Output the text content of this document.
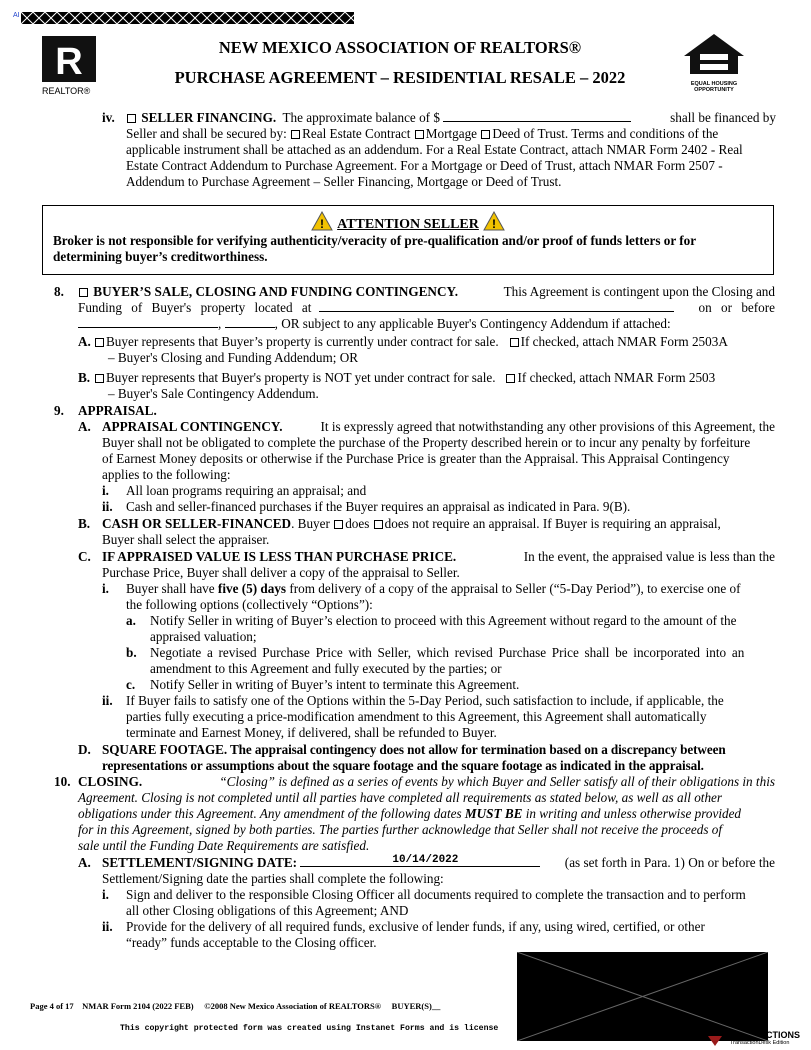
AI
R
REALTOR®
NEW MEXICO ASSOCIATION OF REALTORS®
PURCHASE AGREEMENT – RESIDENTIAL RESALE – 2022	EQUAL HOUSING OPPORTUNITY
iv.	SELLER FINANCING. The approximate balance of $	shall be financed by
Seller and shall be secured by: Real Estate Contract Mortgage Deed of Trust. Terms and conditions of the
applicable instrument shall be attached as an addendum. For a Real Estate Contract, attach NMAR Form 2402 - Real
Estate Contract Addendum to Purchase Agreement. For a Mortgage or Deed of Trust, attach NMAR Form 2507 -
Addendum to Purchase Agreement – Seller Financing, Mortgage or Deed of Trust.
! ATTENTION SELLER !
Broker is not responsible for verifying authenticity/veracity of pre-qualification and/or proof of funds letters or for
determining buyer’s creditworthiness.
8.	BUYER’S SALE, CLOSING AND FUNDING CONTINGENCY.	This Agreement is contingent upon the Closing and
Funding of Buyer's property located at	on or before
,	, OR subject to any applicable Buyer's Contingency Addendum if attached:
A.	Buyer represents that Buyer’s property is currently under contract for sale. If checked, attach NMAR Form 2503A
– Buyer's Closing and Funding Addendum; OR
B.	Buyer represents that Buyer's property is NOT yet under contract for sale. If checked, attach NMAR Form 2503
– Buyer's Sale Contingency Addendum.
9. APPRAISAL.
A. APPRAISAL CONTINGENCY.	It is expressly agreed that notwithstanding any other provisions of this Agreement, the
Buyer shall not be obligated to complete the purchase of the Property described herein or to incur any penalty by forfeiture
of Earnest Money deposits or otherwise if the Purchase Price is greater than the Appraisal. This Appraisal Contingency
applies to the following:
i. All loan programs requiring an appraisal; and
ii. Cash and seller-financed purchases if the Buyer requires an appraisal as indicated in Para. 9(B).
B. CASH OR SELLER-FINANCED. Buyer does does not require an appraisal. If Buyer is requiring an appraisal,
Buyer shall select the appraiser.
C. IF APPRAISED VALUE IS LESS THAN PURCHASE PRICE.	In the event, the appraised value is less than the
Purchase Price, Buyer shall deliver a copy of the appraisal to Seller.
i. Buyer shall have five (5) days from delivery of a copy of the appraisal to Seller (“5-Day Period”), to exercise one of
the following options (collectively “Options”):
a. Notify Seller in writing of Buyer’s election to proceed with this Agreement without regard to the amount of the
appraised valuation;
b. Negotiate a revised Purchase Price with Seller, which revised Purchase Price shall be incorporated into an
amendment to this Agreement and fully executed by the parties; or
c. Notify Seller in writing of Buyer’s intent to terminate this Agreement.
ii. If Buyer fails to satisfy one of the Options within the 5-Day Period, such satisfaction to include, if applicable, the
parties fully executing a price-modification amendment to this Agreement, this Agreement shall automatically
terminate and Earnest Money, if delivered, shall be refunded to Buyer.
D. SQUARE FOOTAGE. The appraisal contingency does not allow for termination based on a discrepancy between
representations or assumptions about the square footage and the square footage as indicated in the appraisal.
10. CLOSING.	“Closing” is defined as a series of events by which Buyer and Seller satisfy all of their obligations in this
Agreement. Closing is not completed until all parties have completed all requirements as stated below, as well as all other
obligations under this Agreement. Any amendment of the following dates MUST BE in writing and unless otherwise provided
for in this Agreement, signed by both parties. The parties further acknowledge that Seller shall not receive the proceeds of
sale until the Funding Date Requirements are satisfied.
A. SETTLEMENT/SIGNING DATE:	10/14/2022	(as set forth in Para. 1) On or before the
Settlement/Signing date the parties shall complete the following:
i. Sign and deliver to the responsible Closing Officer all documents required to complete the transaction and to perform
all other Closing obligations of this Agreement; AND
ii. Provide for the delivery of all required funds, exclusive of lender funds, if any, using wired, certified, or other
“ready” funds acceptable to the Closing officer.
Page 4 of 17 NMAR Form 2104 (2022 FEB) ©2008 New Mexico Association of REALTORS® BUYER(S)__
This copyright protected form was created using Instanet Forms and is license
CTIONS
TransactionDesk Edition
